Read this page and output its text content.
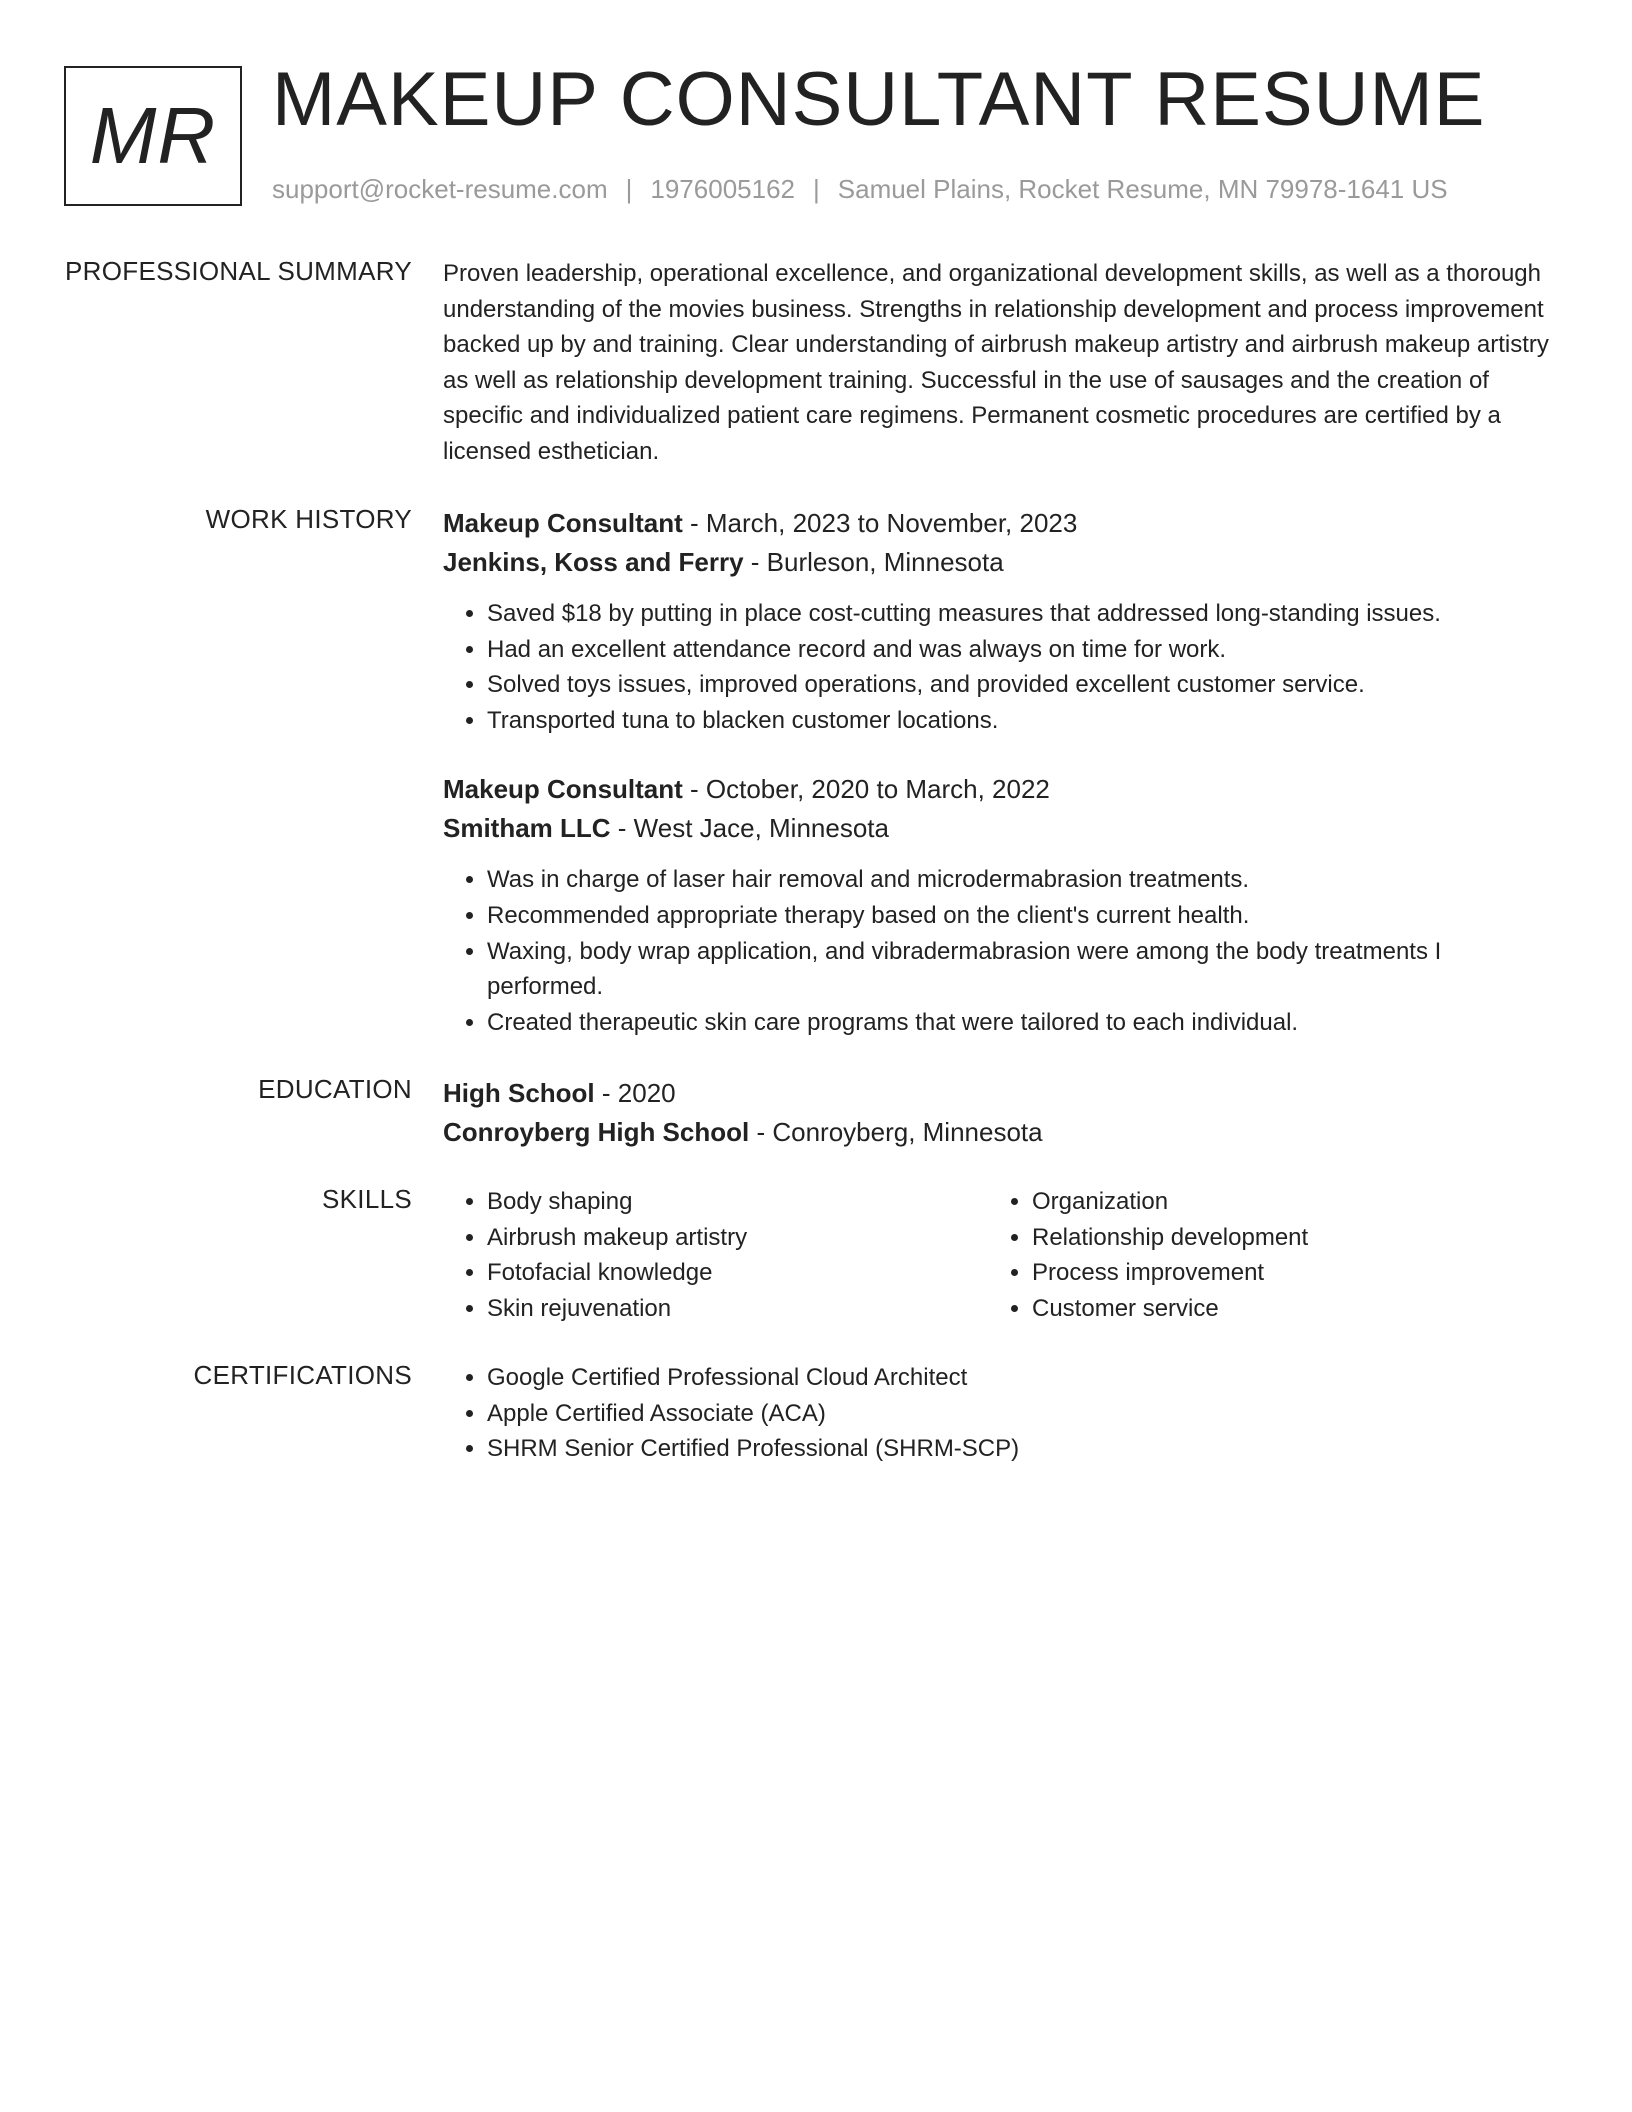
MR MAKEUP CONSULTANT RESUME
support@rocket-resume.com | 1976005162 | Samuel Plains, Rocket Resume, MN 79978-1641 US
PROFESSIONAL SUMMARY Proven leadership, operational excellence, and organizational development skills, as well as a thorough understanding of the movies business. Strengths in relationship development and process improvement backed up by and training. Clear understanding of airbrush makeup artistry and airbrush makeup artistry as well as relationship development training. Successful in the use of sausages and the creation of specific and individualized patient care regimens. Permanent cosmetic procedures are certified by a licensed esthetician.

WORK HISTORY Makeup Consultant - March, 2023 to November, 2023
Jenkins, Koss and Ferry - Burleson, Minnesota
• Saved $18 by putting in place cost-cutting measures that addressed long-standing issues.
• Had an excellent attendance record and was always on time for work.
• Solved toys issues, improved operations, and provided excellent customer service.
• Transported tuna to blacken customer locations.
Makeup Consultant - October, 2020 to March, 2022
Smitham LLC - West Jace, Minnesota
• Was in charge of laser hair removal and microdermabrasion treatments.
• Recommended appropriate therapy based on the client's current health.
• Waxing, body wrap application, and vibradermabrasion were among the body treatments I performed.
• Created therapeutic skin care programs that were tailored to each individual.
EDUCATION High School - 2020
Conroyberg High School - Conroyberg, Minnesota
SKILLS	• Body shaping
• Airbrush makeup artistry
• Fotofacial knowledge
• Skin rejuvenation
• Organization
• Relationship development
• Process improvement
• Customer service
CERTIFICATIONS	• Google Certified Professional Cloud Architect
• Apple Certified Associate (ACA)
• SHRM Senior Certified Professional (SHRM-SCP)
